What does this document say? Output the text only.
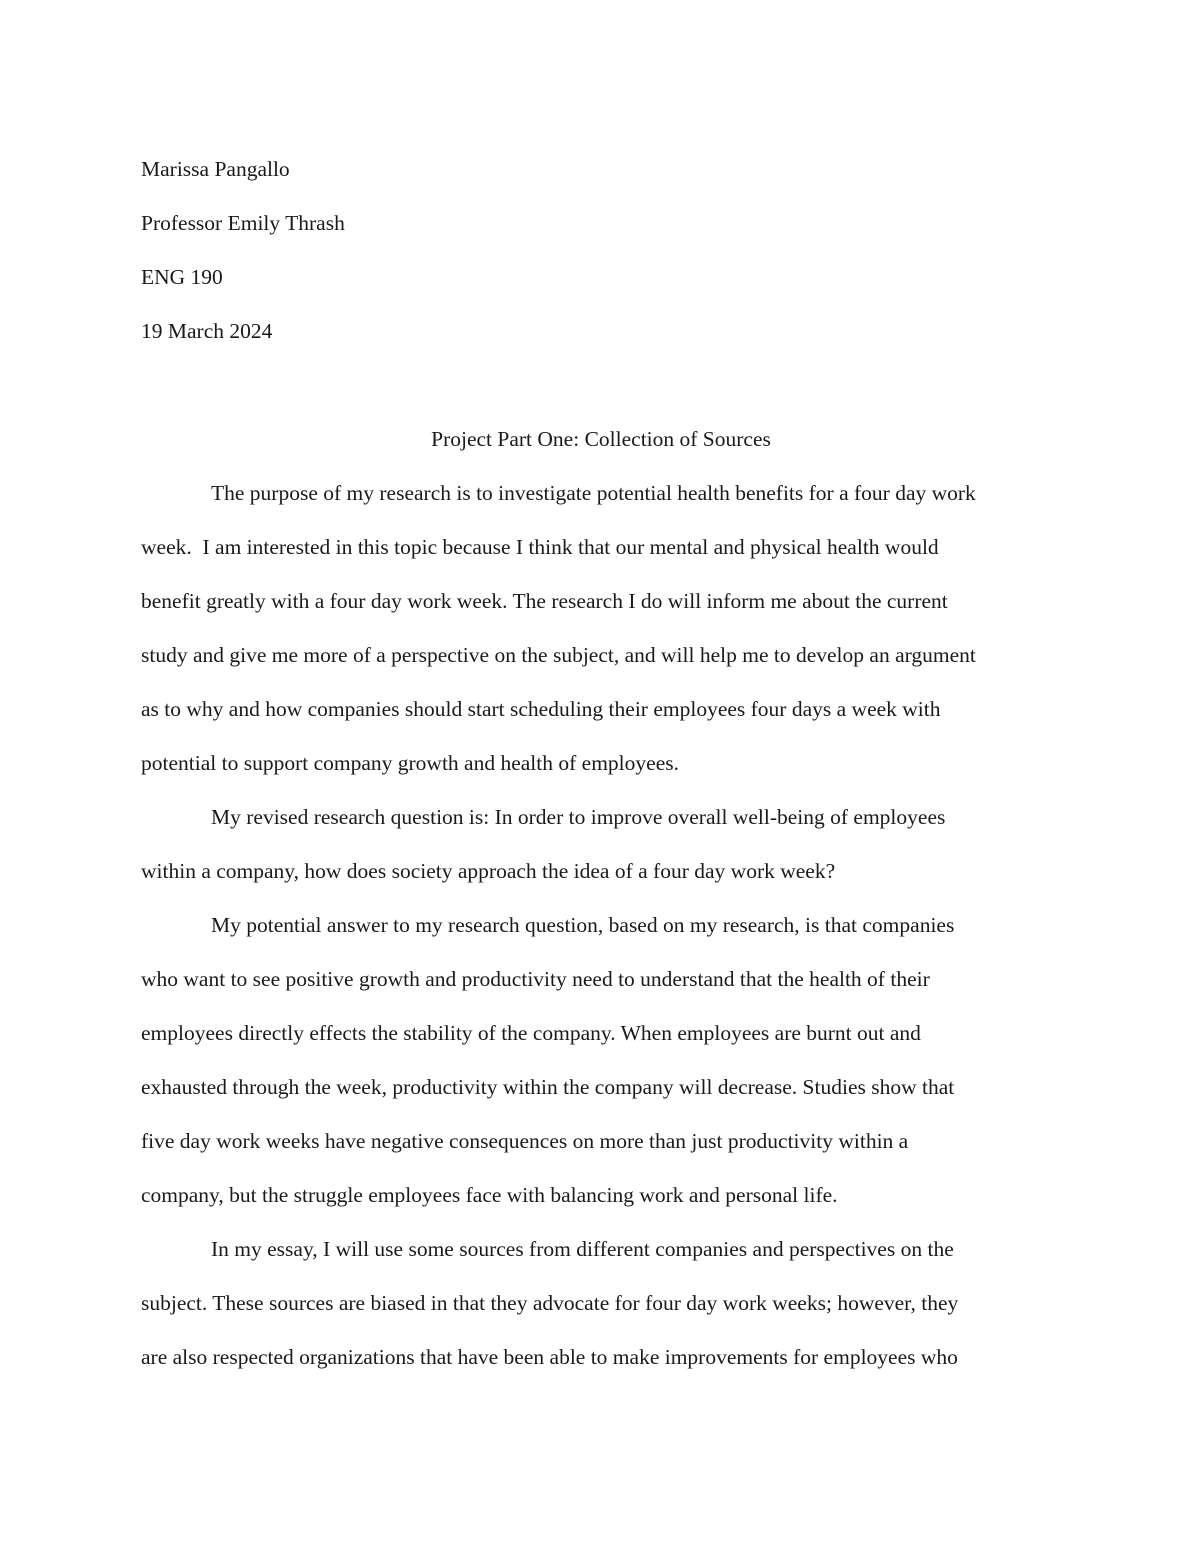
Marissa Pangallo

Professor Emily Thrash

ENG 190

19 March 2024

Project Part One: Collection of Sources

The purpose of my research is to investigate potential health benefits for a four day work
week.  I am interested in this topic because I think that our mental and physical health would
benefit greatly with a four day work week. The research I do will inform me about the current
study and give me more of a perspective on the subject, and will help me to develop an argument
as to why and how companies should start scheduling their employees four days a week with
potential to support company growth and health of employees.

My revised research question is: In order to improve overall well-being of employees
within a company, how does society approach the idea of a four day work week?

My potential answer to my research question, based on my research, is that companies
who want to see positive growth and productivity need to understand that the health of their
employees directly effects the stability of the company. When employees are burnt out and
exhausted through the week, productivity within the company will decrease. Studies show that
five day work weeks have negative consequences on more than just productivity within a
company, but the struggle employees face with balancing work and personal life.

In my essay, I will use some sources from different companies and perspectives on the
subject. These sources are biased in that they advocate for four day work weeks; however, they
are also respected organizations that have been able to make improvements for employees who
